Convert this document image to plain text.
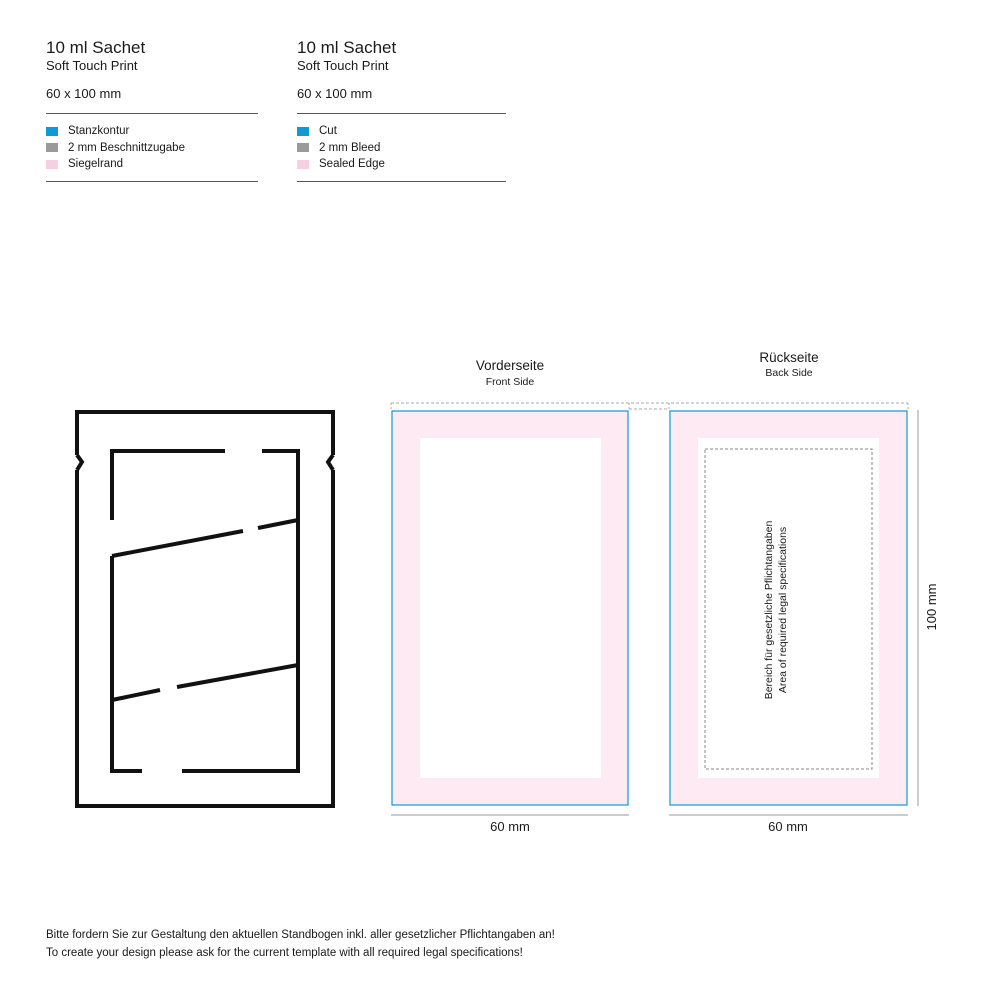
10 ml Sachet
Soft Touch Print
60 x 100 mm
Stanzkontur
2 mm Beschnittzugabe
Siegelrand
10 ml Sachet
Soft Touch Print
60 x 100 mm
Cut
2 mm Bleed
Sealed Edge
Bereich für gesetzliche Pflichtangaben Area of required legal specifications
Vorderseite
Front Side
Rückseite
Back Side
60 mm	60 mm
100 mm
Bitte fordern Sie zur Gestaltung den aktuellen Standbogen inkl. aller gesetzlicher Pflichtangaben an!
To create your design please ask for the current template with all required legal specifications!
